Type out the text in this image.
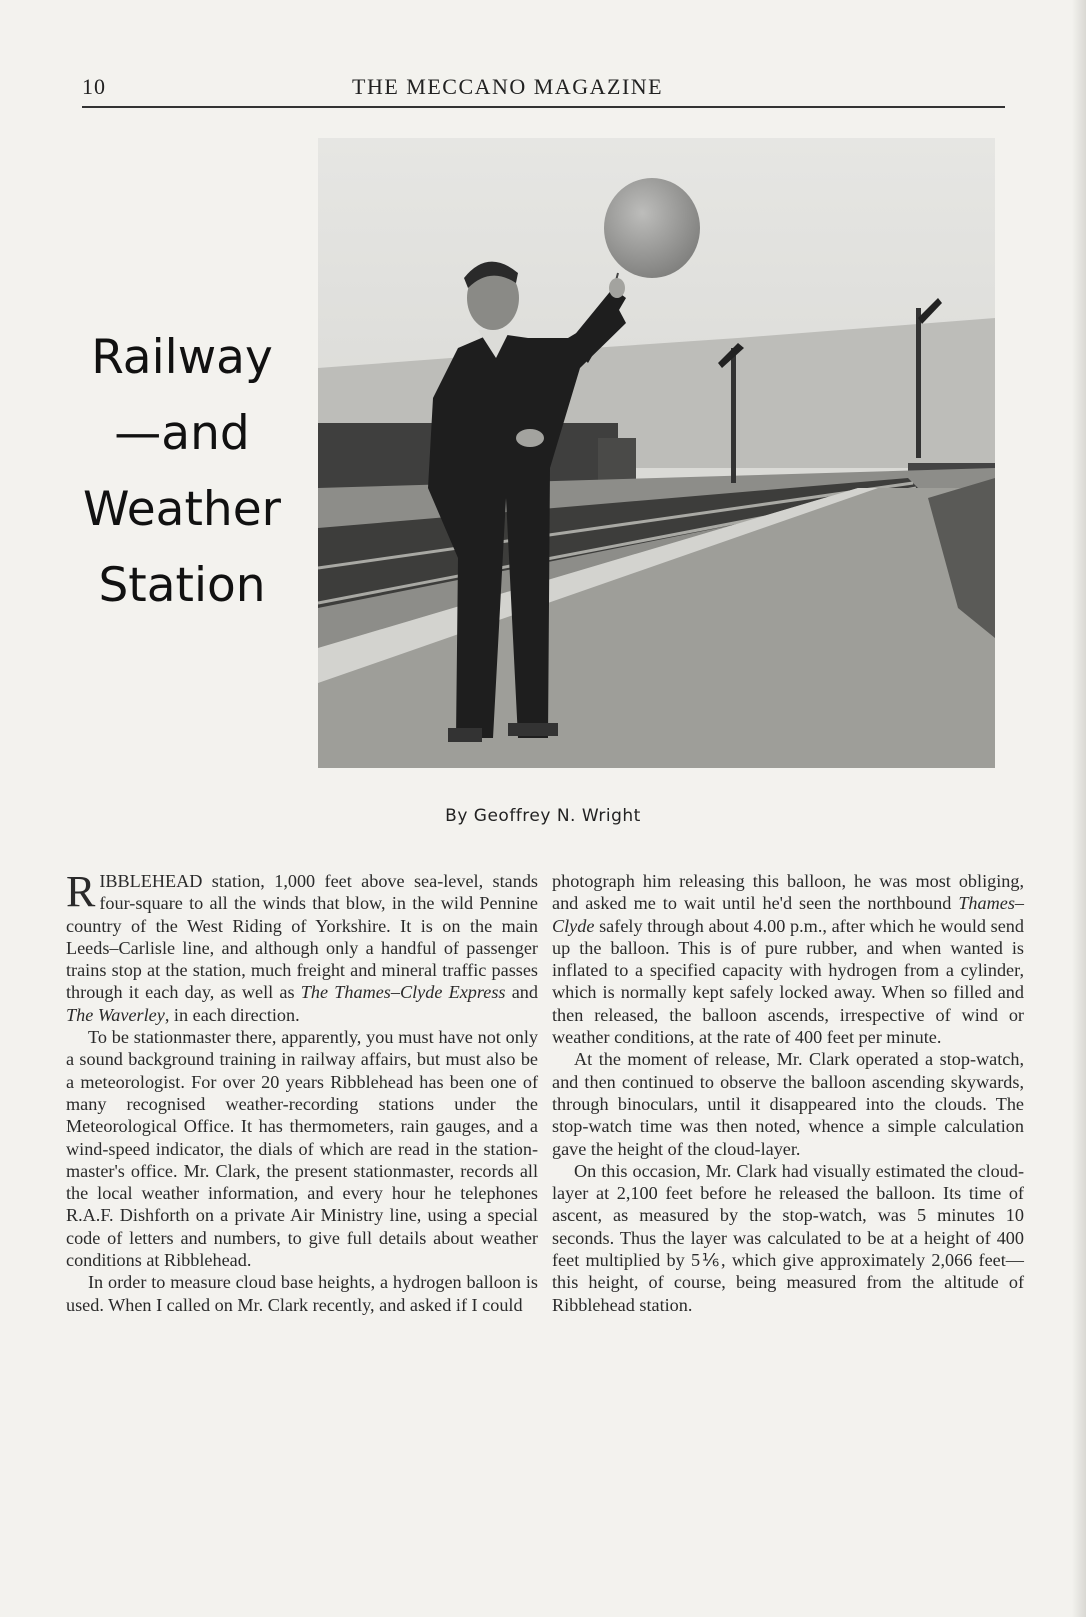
10	THE MECCANO MAGAZINE
Railway
—and
Weather
Station
By Geoffrey N. Wright

RIBBLEHEAD station, 1,000 feet above sea-level, stands four-square to all the winds that blow, in the wild Pennine country of the West Riding of Yorkshire. It is on the main Leeds–Carlisle line, and although only a handful of passenger trains stop at the station, much freight and mineral traffic passes through it each day, as well as The Thames–Clyde Express and The Waverley, in each direction.

To be stationmaster there, apparently, you must have not only a sound background training in railway affairs, but must also be a meteorologist. For over 20 years Ribblehead has been one of many recognised weather-recording stations under the Meteorological Office. It has thermometers, rain gauges, and a wind-speed indicator, the dials of which are read in the station-master's office. Mr. Clark, the present stationmaster, records all the local weather information, and every hour he telephones R.A.F. Dishforth on a private Air Ministry line, using a special code of letters and numbers, to give full details about weather conditions at Ribblehead.

In order to measure cloud base heights, a hydrogen balloon is used. When I called on Mr. Clark recently, and asked if I could

photograph him releasing this balloon, he was most obliging, and asked me to wait until he'd seen the northbound Thames–Clyde safely through about 4.00 p.m., after which he would send up the balloon. This is of pure rubber, and when wanted is inflated to a specified capacity with hydrogen from a cylinder, which is normally kept safely locked away. When so filled and then released, the balloon ascends, irrespective of wind or weather conditions, at the rate of 400 feet per minute.

At the moment of release, Mr. Clark operated a stop-watch, and then continued to observe the balloon ascending skywards, through binoculars, until it disappeared into the clouds. The stop-watch time was then noted, whence a simple calculation gave the height of the cloud-layer.

On this occasion, Mr. Clark had visually estimated the cloud-layer at 2,100 feet before he released the balloon. Its time of ascent, as measured by the stop-watch, was 5 minutes 10 seconds. Thus the layer was calculated to be at a height of 400 feet multiplied by 5⅙, which give approximately 2,066 feet—this height, of course, being measured from the altitude of Ribblehead station.
